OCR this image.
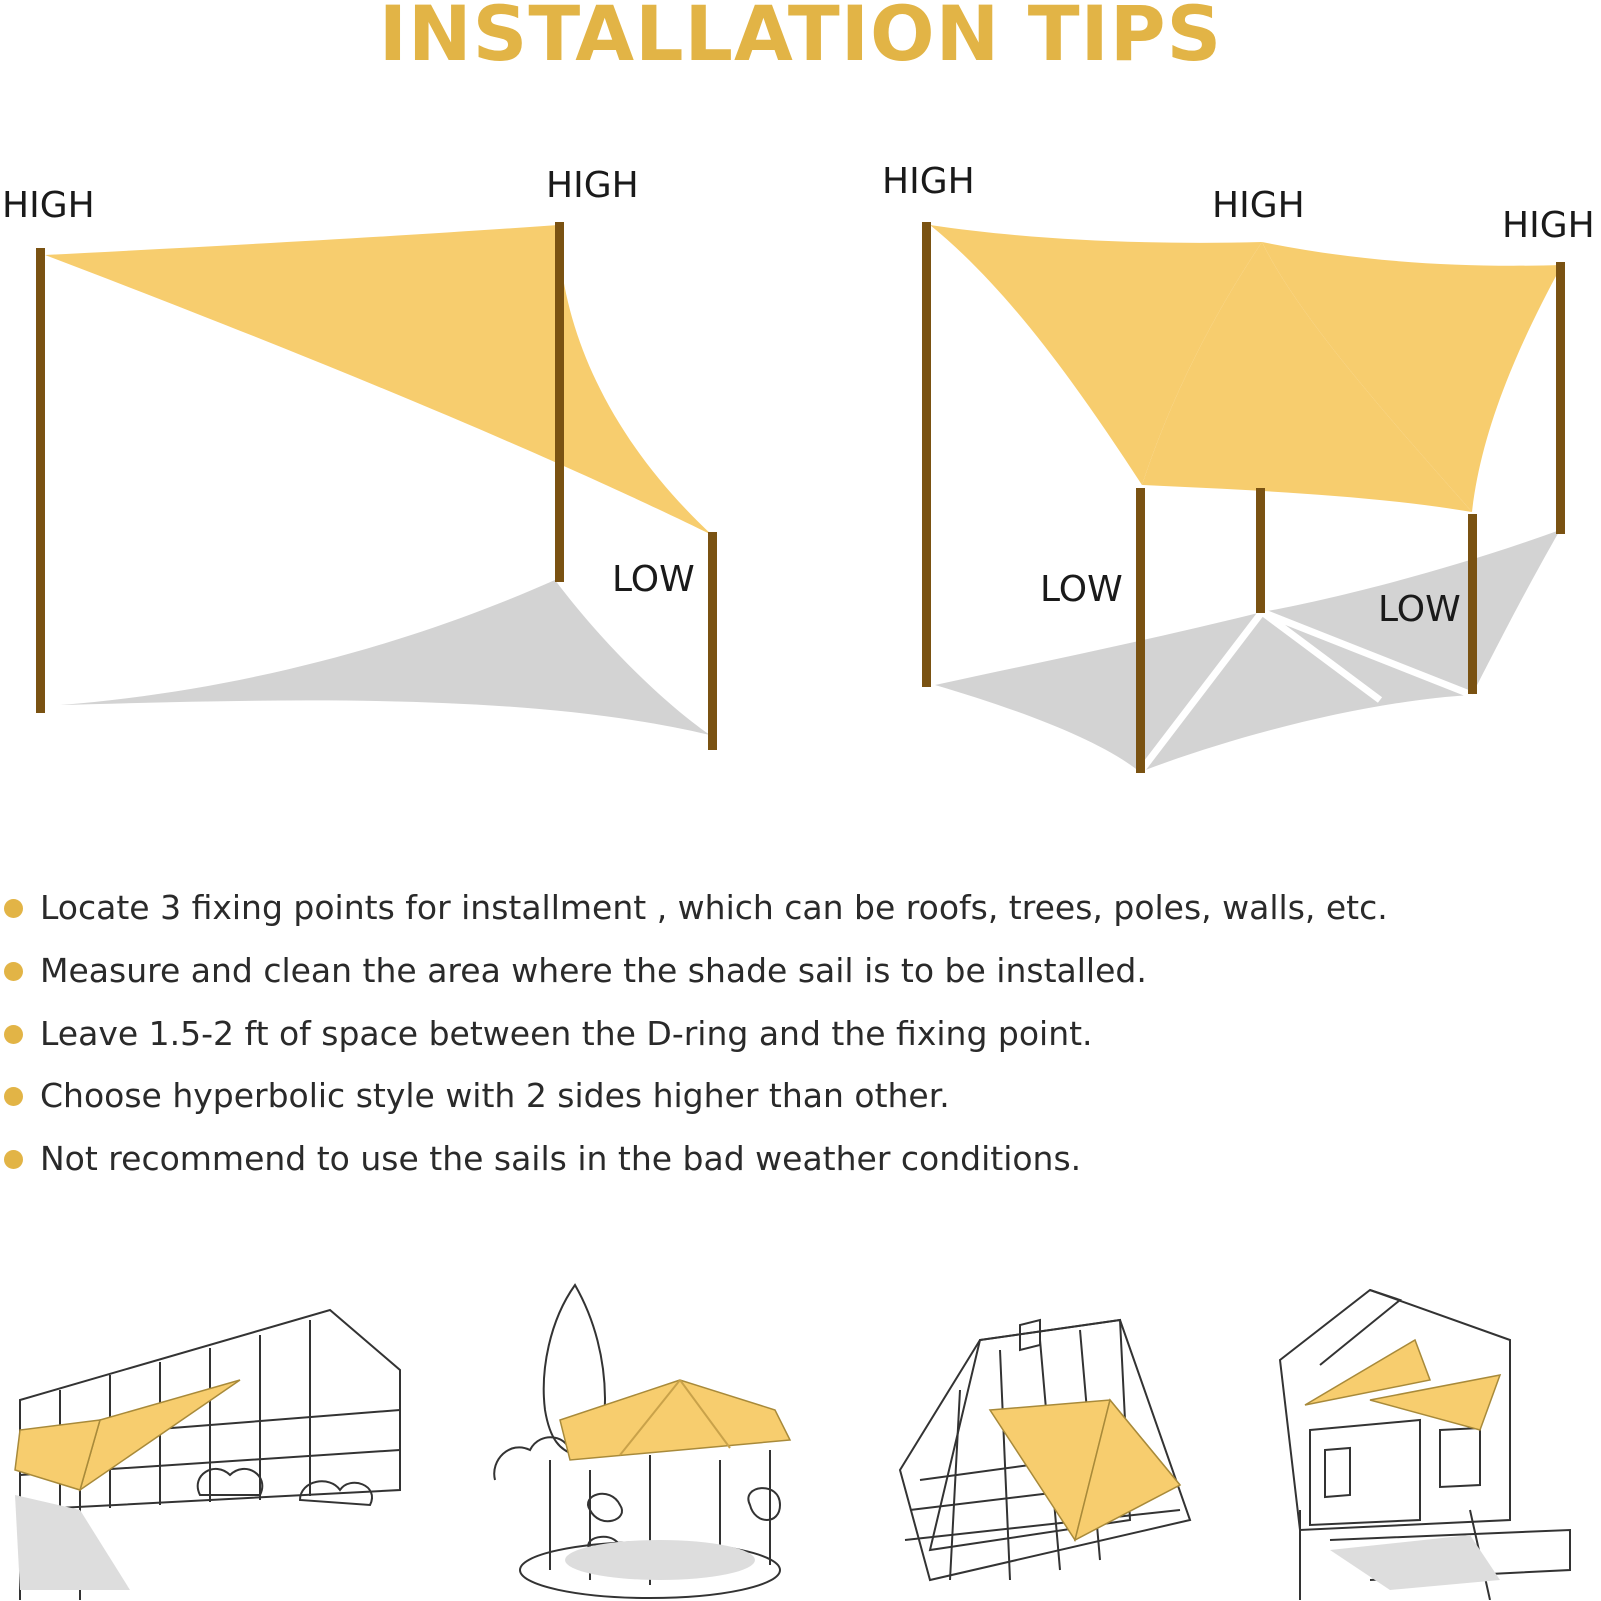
INSTALLATION TIPS
HIGH	HIGH
LOW
HIGH
HIGH	HIGH
LOW	LOW
Locate 3 fixing points for installment , which can be roofs, trees, poles, walls, etc.
Measure and clean the area where the shade sail is to be installed.
Leave 1.5-2 ft of space between the D-ring and the fixing point.
Choose hyperbolic style with 2 sides higher than other.
Not recommend to use the sails in the bad weather conditions.
